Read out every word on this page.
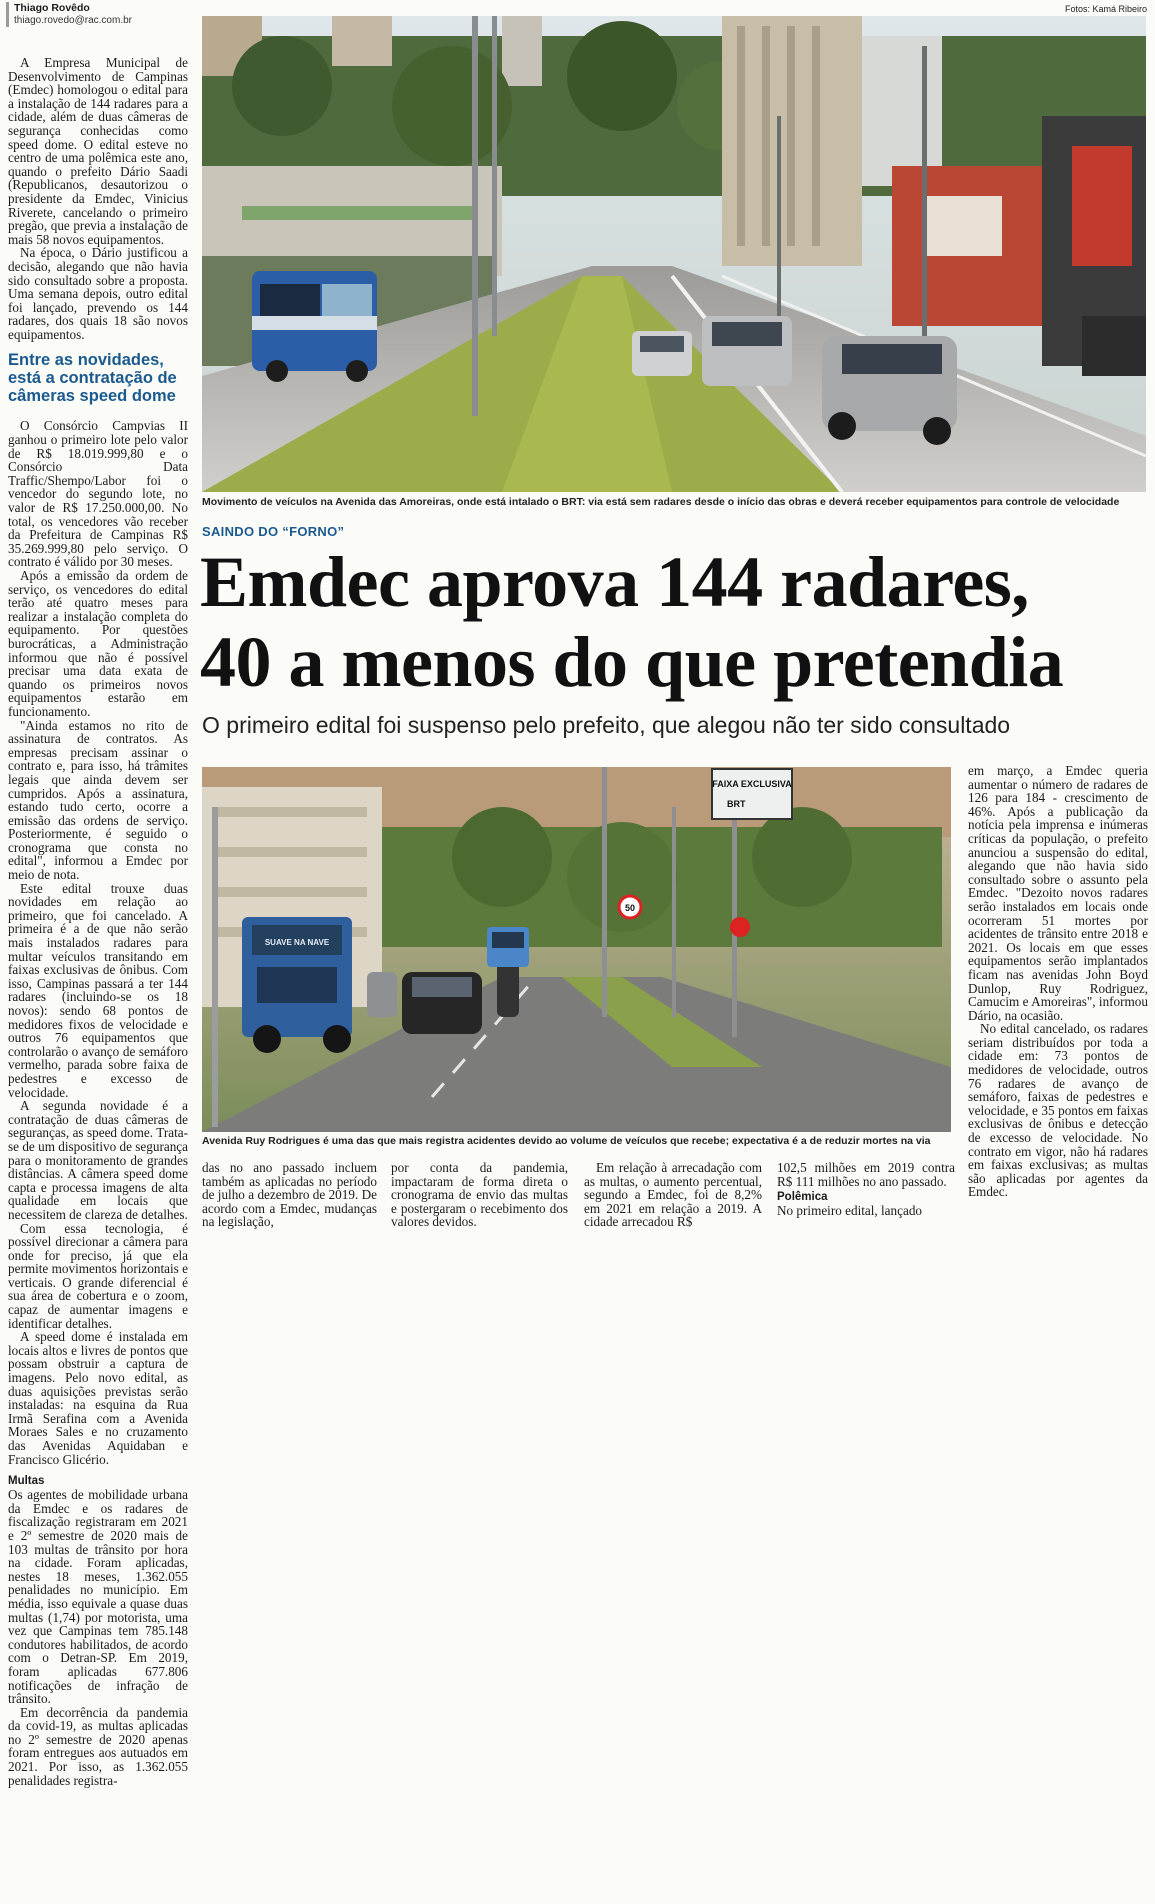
Thiago Rovêdo
thiago.rovedo@rac.com.br
Fotos: Kamá Ribeiro

A Empresa Municipal de Desenvolvimento de Campinas (Emdec) homologou o edital para a instalação de 144 radares para a cidade, além de duas câmeras de segurança conhecidas como speed dome. O edital esteve no centro de uma polêmica este ano, quando o prefeito Dário Saadi (Republicanos, desautorizou o presidente da Emdec, Vinicius Riverete, cancelando o primeiro pregão, que previa a instalação de mais 58 novos equipamentos.

Na época, o Dário justificou a decisão, alegando que não havia sido consultado sobre a proposta. Uma semana depois, outro edital foi lançado, prevendo os 144 radares, dos quais 18 são novos equipamentos.

Entre as novidades, está a contratação de câmeras speed dome

O Consórcio Campvias II ganhou o primeiro lote pelo valor de R$ 18.019.999,80 e o Consórcio Data Traffic/Shempo/Labor foi o vencedor do segundo lote, no valor de R$ 17.250.000,00. No total, os vencedores vão receber da Prefeitura de Campinas R$ 35.269.999,80 pelo serviço. O contrato é válido por 30 meses.

Após a emissão da ordem de serviço, os vencedores do edital terão até quatro meses para realizar a instalação completa do equipamento. Por questões burocráticas, a Administração informou que não é possível precisar uma data exata de quando os primeiros novos equipamentos estarão em funcionamento.

"Ainda estamos no rito de assinatura de contratos. As empresas precisam assinar o contrato e, para isso, há trâmites legais que ainda devem ser cumpridos. Após a assinatura, estando tudo certo, ocorre a emissão das ordens de serviço. Posteriormente, é seguido o cronograma que consta no edital", informou a Emdec por meio de nota.

Este edital trouxe duas novidades em relação ao primeiro, que foi cancelado. A primeira é a de que não serão mais instalados radares para multar veículos transitando em faixas exclusivas de ônibus. Com isso, Campinas passará a ter 144 radares (incluindo-se os 18 novos): sendo 68 pontos de medidores fixos de velocidade e outros 76 equipamentos que controlarão o avanço de semáforo vermelho, parada sobre faixa de pedestres e excesso de velocidade.

A segunda novidade é a contratação de duas câmeras de seguranças, as speed dome. Trata-se de um dispositivo de segurança para o monitoramento de grandes distâncias. A câmera speed dome capta e processa imagens de alta qualidade em locais que necessitem de clareza de detalhes.

Com essa tecnologia, é possível direcionar a câmera para onde for preciso, já que ela permite movimentos horizontais e verticais. O grande diferencial é sua área de cobertura e o zoom, capaz de aumentar imagens e identificar detalhes.

A speed dome é instalada em locais altos e livres de pontos que possam obstruir a captura de imagens. Pelo novo edital, as duas aquisições previstas serão instaladas: na esquina da Rua Irmã Serafina com a Avenida Moraes Sales e no cruzamento das Avenidas Aquidaban e Francisco Glicério.

Multas

Os agentes de mobilidade urbana da Emdec e os radares de fiscalização registraram em 2021 e 2º semestre de 2020 mais de 103 multas de trânsito por hora na cidade. Foram aplicadas, nestes 18 meses, 1.362.055 penalidades no município. Em média, isso equivale a quase duas multas (1,74) por motorista, uma vez que Campinas tem 785.148 condutores habilitados, de acordo com o Detran-SP. Em 2019, foram aplicadas 677.806 notificações de infração de trânsito.

Em decorrência da pandemia da covid-19, as multas aplicadas no 2º semestre de 2020 apenas foram entregues aos autuados em 2021. Por isso, as 1.362.055 penalidades registra-

Movimento de veículos na Avenida das Amoreiras, onde está intalado o BRT: via está sem radares desde o início das obras e deverá receber equipamentos para controle de velocidade
SAINDO DO “FORNO”
Emdec aprova 144 radares,
40 a menos do que pretendia
O primeiro edital foi suspenso pelo prefeito, que alegou não ter sido consultado
FAIXA EXCLUSIVA
BRT
50
SUAVE NA NAVE
Avenida Ruy Rodrigues é uma das que mais registra acidentes devido ao volume de veículos que recebe; expectativa é a de reduzir mortes na via

das no ano passado incluem também as aplicadas no período de julho a dezembro de 2019. De acordo com a Emdec, mudanças na legislação,

por conta da pandemia, impactaram de forma direta o cronograma de envio das multas e postergaram o recebimento dos valores devidos.

Em relação à arrecadação com as multas, o aumento percentual, segundo a Emdec, foi de 8,2% em 2021 em relação a 2019. A cidade arrecadou R$

102,5 milhões em 2019 contra R$ 111 milhões no ano passado.

Polêmica

No primeiro edital, lançado

em março, a Emdec queria aumentar o número de radares de 126 para 184 - crescimento de 46%. Após a publicação da notícia pela imprensa e inúmeras críticas da população, o prefeito anunciou a suspensão do edital, alegando que não havia sido consultado sobre o assunto pela Emdec. "Dezoito novos radares serão instalados em locais onde ocorreram 51 mortes por acidentes de trânsito entre 2018 e 2021. Os locais em que esses equipamentos serão implantados ficam nas avenidas John Boyd Dunlop, Ruy Rodriguez, Camucim e Amoreiras", informou Dário, na ocasião.

No edital cancelado, os radares seriam distribuídos por toda a cidade em: 73 pontos de medidores de velocidade, outros 76 radares de avanço de semáforo, faixas de pedestres e velocidade, e 35 pontos em faixas exclusivas de ônibus e detecção de excesso de velocidade. No contrato em vigor, não há radares em faixas exclusivas; as multas são aplicadas por agentes da Emdec.
